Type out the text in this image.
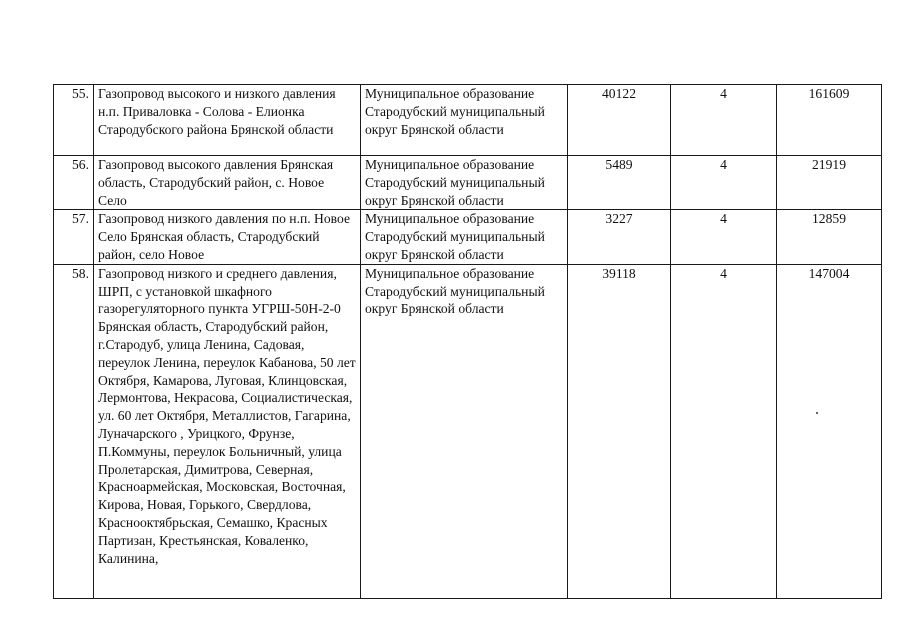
55.	Газопровод высокого и низкого давления н.п. Приваловка - Солова - Елионка Стародубского района Брянской области	Муниципальное образование Стародубский муниципальный округ Брянской области	40122	4	161609
56.	Газопровод высокого давления Брянская область, Стародубский район, с. Новое Село	Муниципальное образование Стародубский муниципальный округ Брянской области	5489	4	21919
57.	Газопровод низкого давления по н.п. Новое Село Брянская область, Стародубский район, село Новое	Муниципальное образование Стародубский муниципальный округ Брянской области	3227	4	12859
58.	Газопровод низкого и среднего давления, ШРП, с установкой шкафного газорегуляторного пункта УГРШ-50Н-2-0 Брянская область, Стародубский район, г.Стародуб, улица Ленина, Садовая, переулок Ленина, переулок Кабанова, 50 лет Октября, Камарова, Луговая, Клинцовская, Лермонтова, Некрасова, Социалистическая, ул. 60 лет Октября, Металлистов, Гагарина, Луначарского , Урицкого, Фрунзе, П.Коммуны, переулок Больничный, улица Пролетарская, Димитрова, Северная, Красноармейская, Московская, Восточная, Кирова, Новая, Горького, Свердлова, Краснооктябрьская, Семашко, Красных Партизан, Крестьянская, Коваленко, Калинина,	Муниципальное образование Стародубский муниципальный округ Брянской области	39118	4	147004
